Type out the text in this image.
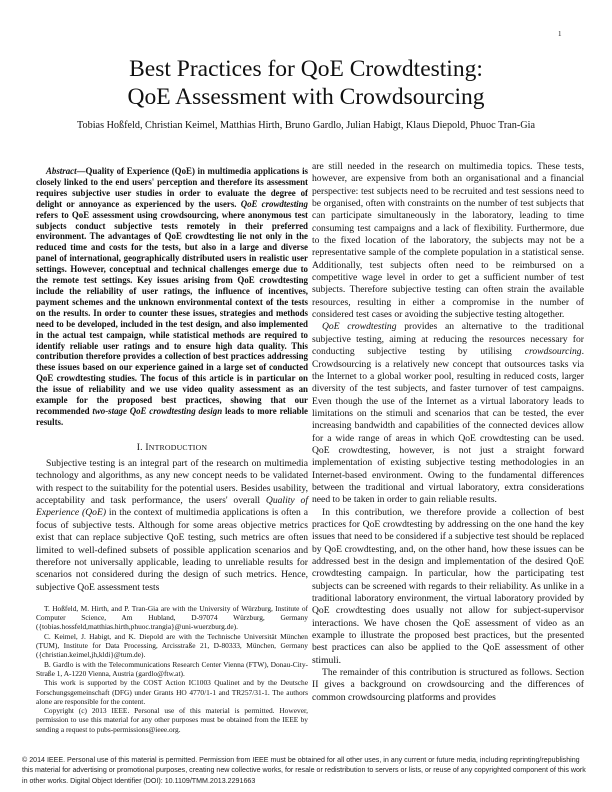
1
Best Practices for QoE Crowdtesting:
QoE Assessment with Crowdsourcing
Tobias Hoßfeld, Christian Keimel, Matthias Hirth, Bruno Gardlo, Julian Habigt, Klaus Diepold, Phuoc Tran-Gia

Abstract—Quality of Experience (QoE) in multimedia applications is closely linked to the end users' perception and therefore its assessment requires subjective user studies in order to evaluate the degree of delight or annoyance as experienced by the users. QoE crowdtesting refers to QoE assessment using crowdsourcing, where anonymous test subjects conduct subjective tests remotely in their preferred environment. The advantages of QoE crowdtesting lie not only in the reduced time and costs for the tests, but also in a large and diverse panel of international, geographically distributed users in realistic user settings. However, conceptual and technical challenges emerge due to the remote test settings. Key issues arising from QoE crowdtesting include the reliability of user ratings, the influence of incentives, payment schemes and the unknown environmental context of the tests on the results. In order to counter these issues, strategies and methods need to be developed, included in the test design, and also implemented in the actual test campaign, while statistical methods are required to identify reliable user ratings and to ensure high data quality. This contribution therefore provides a collection of best practices addressing these issues based on our experience gained in a large set of conducted QoE crowdtesting studies. The focus of this article is in particular on the issue of reliability and we use video quality assessment as an example for the proposed best practices, showing that our recommended two-stage QoE crowdtesting design leads to more reliable results.

I. INTRODUCTION

Subjective testing is an integral part of the research on multimedia technology and algorithms, as any new concept needs to be validated with respect to the suitability for the potential users. Besides usability, acceptability and task performance, the users' overall Quality of Experience (QoE) in the context of multimedia applications is often a focus of subjective tests. Although for some areas objective metrics exist that can replace subjective QoE testing, such metrics are often limited to well-defined subsets of possible application scenarios and therefore not universally applicable, leading to unreliable results for scenarios not considered during the design of such metrics. Hence, subjective QoE assessment tests

T. Hoßfeld, M. Hirth, and P. Tran-Gia are with the University of Würzburg, Institute of Computer Science, Am Hubland, D-97074 Würzburg, Germany ({tobias.hossfeld,matthias.hirth,phuoc.trangia}@uni-wuerzburg.de).

C. Keimel, J. Habigt, and K. Diepold are with the Technische Universität München (TUM), Institute for Data Processing, Arcisstraße 21, D-80333, München, Germany ({christian.keimel,jh,kldi}@tum.de).

B. Gardlo is with the Telecommunications Research Center Vienna (FTW), Donau-City-Straße 1, A-1220 Vienna, Austria (gardlo@ftw.at).

This work is supported by the COST Action IC1003 Qualinet and by the Deutsche Forschungsgemeinschaft (DFG) under Grants HO 4770/1-1 and TR257/31-1. The authors alone are responsible for the content.

Copyright (c) 2013 IEEE. Personal use of this material is permitted. However, permission to use this material for any other purposes must be obtained from the IEEE by sending a request to pubs-permissions@ieee.org.

are still needed in the research on multimedia topics. These tests, however, are expensive from both an organisational and a financial perspective: test subjects need to be recruited and test sessions need to be organised, often with constraints on the number of test subjects that can participate simultaneously in the laboratory, leading to time consuming test campaigns and a lack of flexibility. Furthermore, due to the fixed location of the laboratory, the subjects may not be a representative sample of the complete population in a statistical sense. Additionally, test subjects often need to be reimbursed on a competitive wage level in order to get a sufficient number of test subjects. Therefore subjective testing can often strain the available resources, resulting in either a compromise in the number of considered test cases or avoiding the subjective testing altogether.

QoE crowdtesting provides an alternative to the traditional subjective testing, aiming at reducing the resources necessary for conducting subjective testing by utilising crowdsourcing. Crowdsourcing is a relatively new concept that outsources tasks via the Internet to a global worker pool, resulting in reduced costs, larger diversity of the test subjects, and faster turnover of test campaigns. Even though the use of the Internet as a virtual laboratory leads to limitations on the stimuli and scenarios that can be tested, the ever increasing bandwidth and capabilities of the connected devices allow for a wide range of areas in which QoE crowdtesting can be used. QoE crowdtesting, however, is not just a straight forward implementation of existing subjective testing methodologies in an Internet-based environment. Owing to the fundamental differences between the traditional and virtual laboratory, extra considerations need to be taken in order to gain reliable results.

In this contribution, we therefore provide a collection of best practices for QoE crowdtesting by addressing on the one hand the key issues that need to be considered if a subjective test should be replaced by QoE crowdtesting, and, on the other hand, how these issues can be addressed best in the design and implementation of the desired QoE crowdtesting campaign. In particular, how the participating test subjects can be screened with regards to their reliability. As unlike in a traditional laboratory environment, the virtual laboratory provided by QoE crowdtesting does usually not allow for subject-supervisor interactions. We have chosen the QoE assessment of video as an example to illustrate the proposed best practices, but the presented best practices can also be applied to the QoE assessment of other stimuli.

The remainder of this contribution is structured as follows. Section II gives a background on crowdsourcing and the differences of common crowdsourcing platforms and provides

© 2014 IEEE. Personal use of this material is permitted. Permission from IEEE must be obtained for all other uses, in any current or future media, including reprinting/republishing this material for advertising or promotional purposes, creating new collective works, for resale or redistribution to servers or lists, or reuse of any copyrighted component of this work in other works. Digital Object Identifier (DOI): 10.1109/TMM.2013.2291663
